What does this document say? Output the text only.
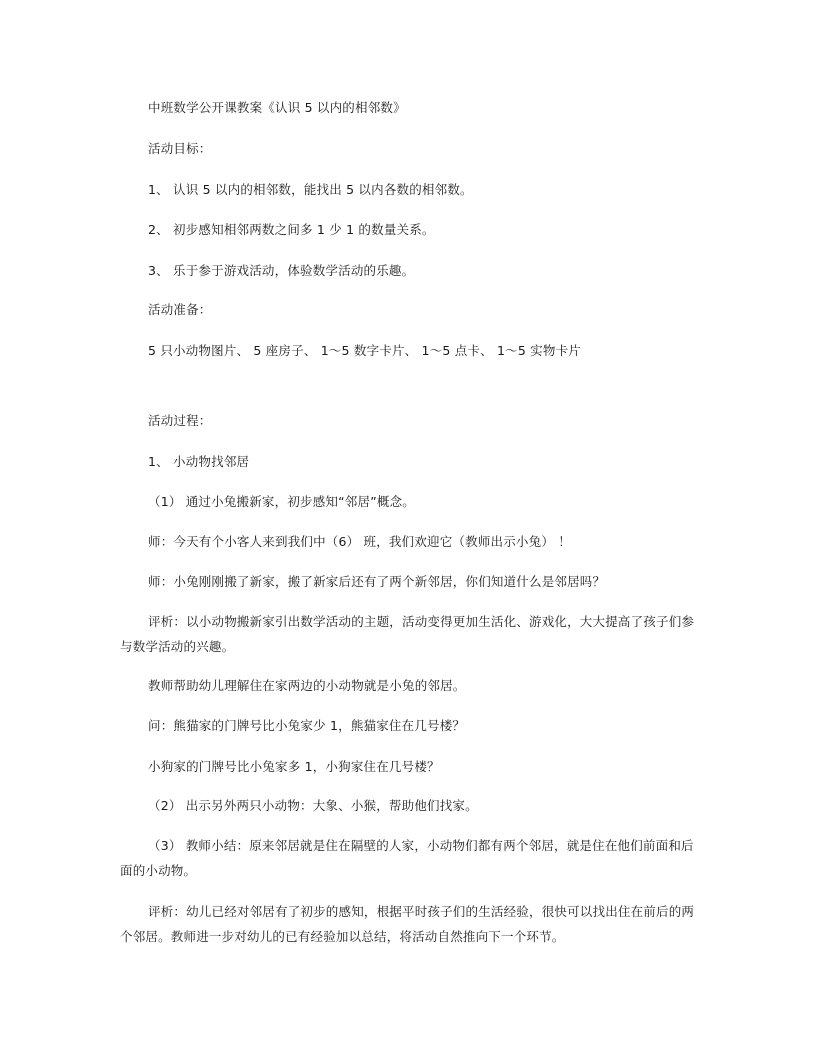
中班数学公开课教案《认识 5 以内的相邻数》
活动目标：
1、 认识 5 以内的相邻数，能找出 5 以内各数的相邻数。
2、 初步感知相邻两数之间多 1 少 1 的数量关系。
3、 乐于参于游戏活动，体验数学活动的乐趣。
活动准备：
5 只小动物图片、 5 座房子、 1～5 数字卡片、 1～5 点卡、 1～5 实物卡片
活动过程：
1、 小动物找邻居
（1） 通过小兔搬新家，初步感知“邻居”概念。
师：今天有个小客人来到我们中（6） 班，我们欢迎它（教师出示小兔） ！
师：小兔刚刚搬了新家，搬了新家后还有了两个新邻居，你们知道什么是邻居吗？
评析：以小动物搬新家引出数学活动的主题，活动变得更加生活化、游戏化，大大提高了孩子们参与数学活动的兴趣。
教师帮助幼儿理解住在家两边的小动物就是小兔的邻居。
问：熊猫家的门牌号比小兔家少 1，熊猫家住在几号楼？
小狗家的门牌号比小兔家多 1，小狗家住在几号楼？
（2） 出示另外两只小动物：大象、小猴，帮助他们找家。
（3） 教师小结：原来邻居就是住在隔壁的人家，小动物们都有两个邻居，就是住在他们前面和后面的小动物。
评析：幼儿已经对邻居有了初步的感知，根据平时孩子们的生活经验，很快可以找出住在前后的两个邻居。教师进一步对幼儿的已有经验加以总结，将活动自然推向下一个环节。
